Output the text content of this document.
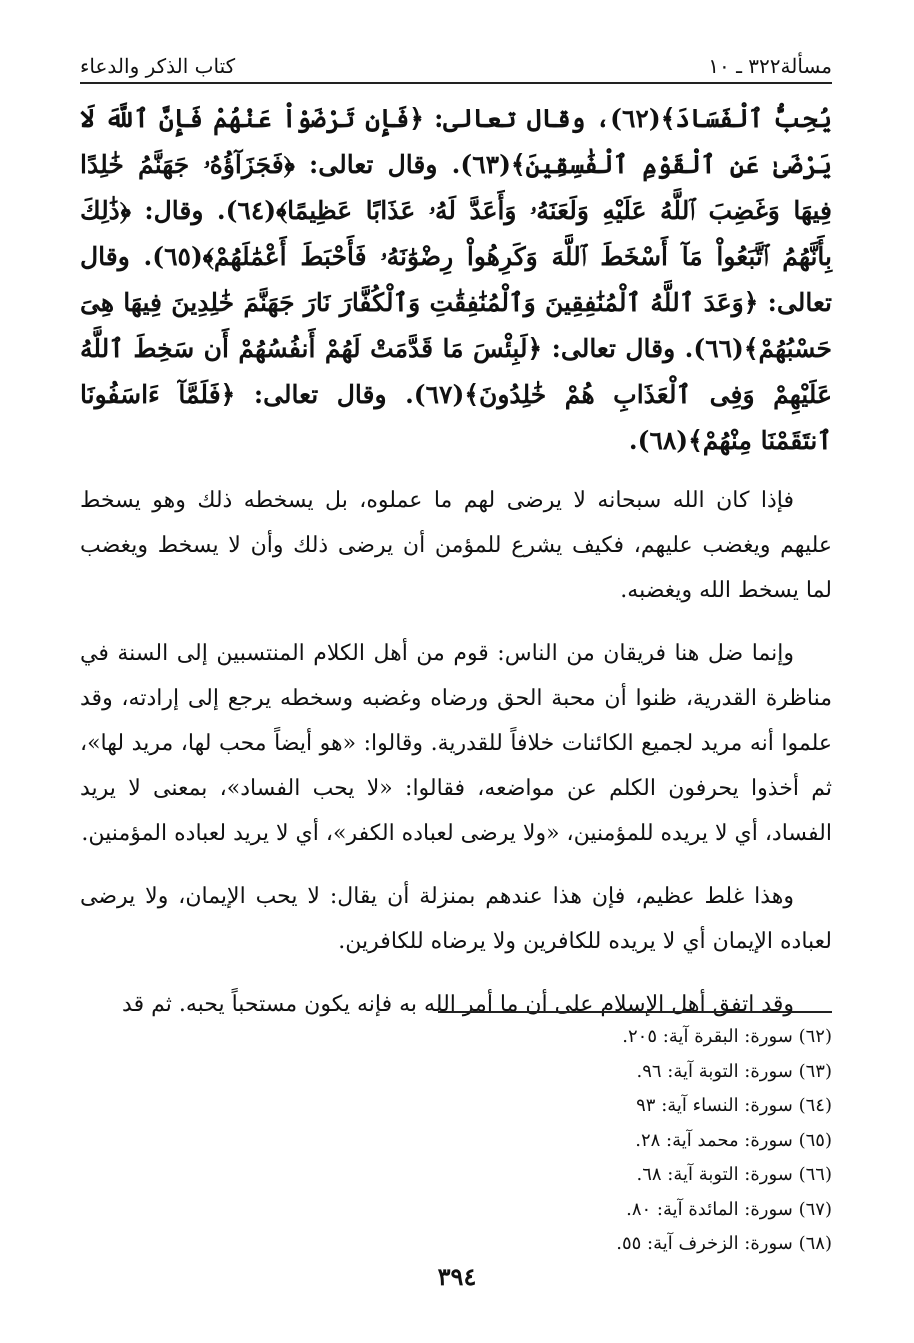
مسألة٣٢٢ ـ ١٠
كتاب الذكر والدعاء

يُحِبُّ ٱلْفَسَادَ﴾(٦٢)، وقال تعالى: ﴿فَإِن تَرْضَوْاْ عَنْهُمْ فَإِنَّ ٱللَّهَ لَا يَرْضَىٰ عَنِ ٱلْقَوْمِ ٱلْفَٰسِقِينَ﴾(٦٣). وقال تعالى: ﴿فَجَزَآؤُهُۥ جَهَنَّمُ خَٰلِدًا فِيهَا وَغَضِبَ ٱللَّهُ عَلَيْهِ وَلَعَنَهُۥ وَأَعَدَّ لَهُۥ عَذَابًا عَظِيمًا﴾(٦٤). وقال: ﴿ذَٰلِكَ بِأَنَّهُمُ ٱتَّبَعُواْ مَآ أَسْخَطَ ٱللَّهَ وَكَرِهُواْ رِضْوَٰنَهُۥ فَأَحْبَطَ أَعْمَٰلَهُمْ﴾(٦٥). وقال تعالى: ﴿وَعَدَ ٱللَّهُ ٱلْمُنَٰفِقِينَ وَٱلْمُنَٰفِقَٰتِ وَٱلْكُفَّارَ نَارَ جَهَنَّمَ خَٰلِدِينَ فِيهَا هِىَ حَسْبُهُمْ﴾(٦٦). وقال تعالى: ﴿لَبِئْسَ مَا قَدَّمَتْ لَهُمْ أَنفُسُهُمْ أَن سَخِطَ ٱللَّهُ عَلَيْهِمْ وَفِى ٱلْعَذَابِ هُمْ خَٰلِدُونَ﴾(٦٧). وقال تعالى: ﴿فَلَمَّآ ءَاسَفُونَا ٱنتَقَمْنَا مِنْهُمْ﴾(٦٨).

فإذا كان الله سبحانه لا يرضى لهم ما عملوه، بل يسخطه ذلك وهو يسخط عليهم ويغضب عليهم، فكيف يشرع للمؤمن أن يرضى ذلك وأن لا يسخط ويغضب لما يسخط الله ويغضبه.

وإنما ضل هنا فريقان من الناس: قوم من أهل الكلام المنتسبين إلى السنة في مناظرة القدرية، ظنوا أن محبة الحق ورضاه وغضبه وسخطه يرجع إلى إرادته، وقد علموا أنه مريد لجميع الكائنات خلافاً للقدرية. وقالوا: «هو أيضاً محب لها، مريد لها»، ثم أخذوا يحرفون الكلم عن مواضعه، فقالوا: «لا يحب الفساد»، بمعنى لا يريد الفساد، أي لا يريده للمؤمنين، «ولا يرضى لعباده الكفر»، أي لا يريد لعباده المؤمنين.

وهذا غلط عظيم، فإن هذا عندهم بمنزلة أن يقال: لا يحب الإيمان، ولا يرضى لعباده الإيمان أي لا يريده للكافرين ولا يرضاه للكافرين.

وقد اتفق أهل الإسلام على أن ما أمر الله به فإنه يكون مستحباً يحبه. ثم قد

(٦٢) سورة: البقرة آية: ٢٠٥.
(٦٣) سورة: التوبة آية: ٩٦.
(٦٤) سورة: النساء آية: ٩٣
(٦٥) سورة: محمد آية: ٢٨.
(٦٦) سورة: التوبة آية: ٦٨.
(٦٧) سورة: المائدة آية: ٨٠.
(٦٨) سورة: الزخرف آية: ٥٥.
٣٩٤
